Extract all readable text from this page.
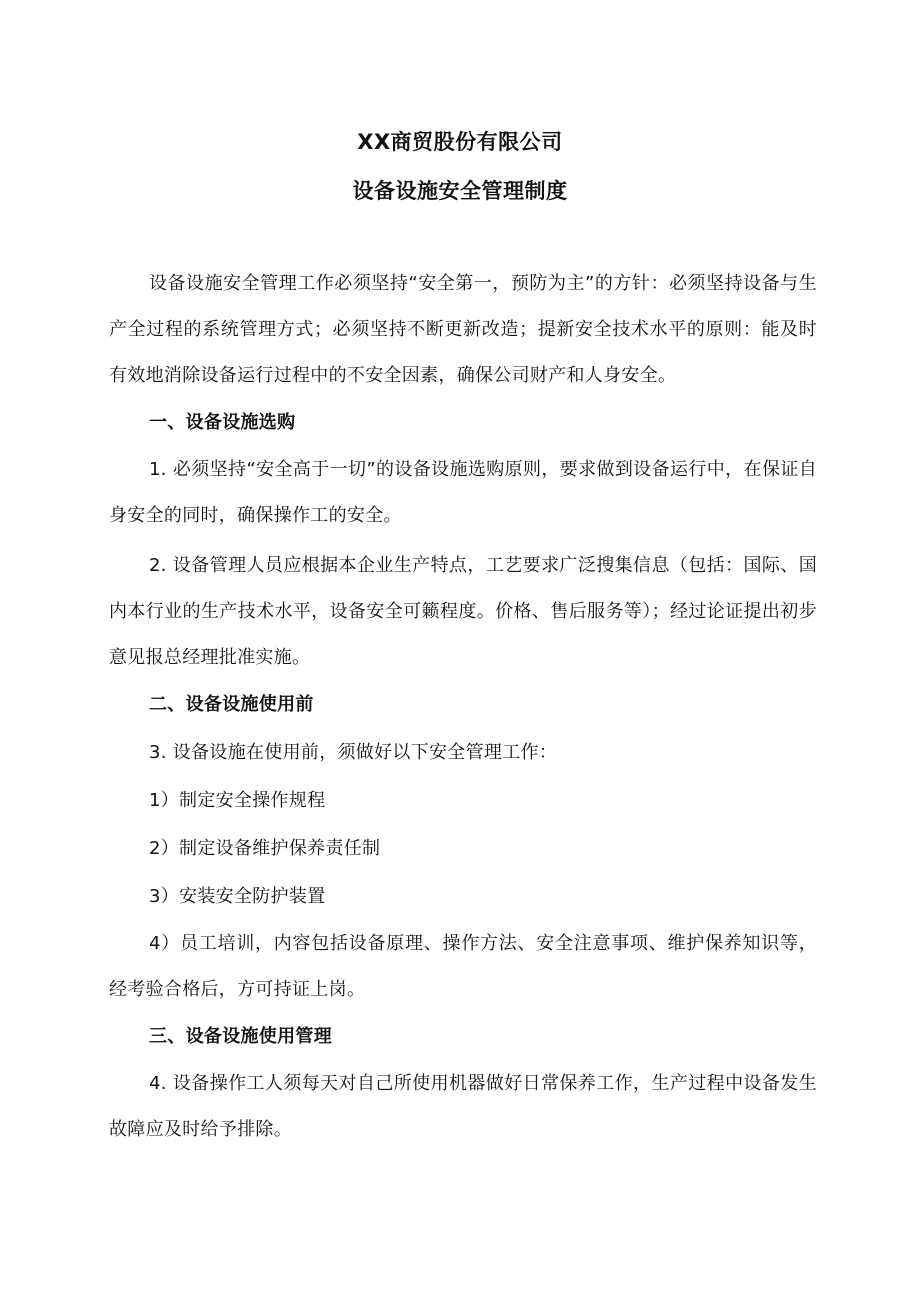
XX商贸股份有限公司
设备设施安全管理制度

设备设施安全管理工作必须坚持“安全第一，预防为主”的方针：必须坚持设备与生产全过程的系统管理方式；必须坚持不断更新改造；提新安全技术水平的原则：能及时有效地消除设备运行过程中的不安全因素，确保公司财产和人身安全。

一、设备设施选购

1. 必须坚持“安全高于一切”的设备设施选购原则，要求做到设备运行中，在保证自身安全的同时，确保操作工的安全。

2. 设备管理人员应根据本企业生产特点，工艺要求广泛搜集信息（包括：国际、国内本行业的生产技术水平，设备安全可籁程度。价格、售后服务等）；经过论证提出初步意见报总经理批准实施。

二、设备设施使用前

3. 设备设施在使用前，须做好以下安全管理工作：

1）制定安全操作规程

2）制定设备维护保养责任制

3）安装安全防护装置

4）员工培训，内容包括设备原理、操作方法、安全注意事项、维护保养知识等，经考验合格后，方可持证上岗。

三、设备设施使用管理

4. 设备操作工人须每天对自己所使用机器做好日常保养工作，生产过程中设备发生故障应及时给予排除。
